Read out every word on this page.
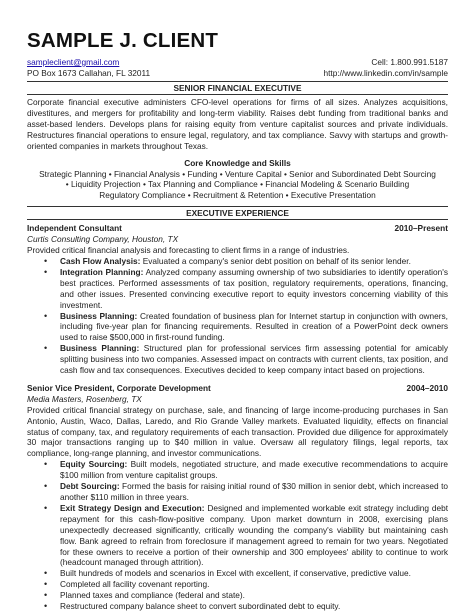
SAMPLE J. CLIENT
sampleclient@gmail.com
PO Box 1673 Callahan, FL 32011
Cell: 1.800.991.5187
http://www.linkedin.com/in/sample
SENIOR FINANCIAL EXECUTIVE

Corporate financial executive administers CFO-level operations for firms of all sizes. Analyzes acquisitions, divestitures, and mergers for profitability and long-term viability. Raises debt funding from traditional banks and asset-based lenders. Develops plans for raising equity from venture capitalist sources and private individuals. Restructures financial operations to ensure legal, regulatory, and tax compliance. Savvy with startups and growth-oriented companies in markets throughout Texas.

Core Knowledge and Skills
Strategic Planning • Financial Analysis • Funding • Venture Capital • Senior and Subordinated Debt Sourcing
• Liquidity Projection • Tax Planning and Compliance • Financial Modeling & Scenario Building
Regulatory Compliance • Recruitment & Retention • Executive Presentation
EXECUTIVE EXPERIENCE
Independent Consultant	2010–Present
Curtis Consulting Company, Houston, TX

Provided critical financial analysis and forecasting to client firms in a range of industries.

• Cash Flow Analysis: Evaluated a company's senior debt position on behalf of its senior lender.
• Integration Planning: Analyzed company assuming ownership of two subsidiaries to identify operation's best practices. Performed assessments of tax position, regulatory requirements, operations, financing, and other issues. Presented convincing executive report to equity investors concerning viability of this investment.
• Business Planning: Created foundation of business plan for Internet startup in conjunction with owners, including five-year plan for financing requirements. Resulted in creation of a PowerPoint deck owners used to raise $500,000 in first-round funding.
• Business Planning: Structured plan for professional services firm assessing potential for amicably splitting business into two companies. Assessed impact on contracts with current clients, tax position, and cash flow and tax consequences. Executives decided to keep company intact based on projections.
Senior Vice President, Corporate Development	2004–2010
Media Masters, Rosenberg, TX

Provided critical financial strategy on purchase, sale, and financing of large income-producing purchases in San Antonio, Austin, Waco, Dallas, Laredo, and Rio Grande Valley markets. Evaluated liquidity, effects on financial status of company, tax, and regulatory requirements of each transaction. Provided due diligence for approximately 30 major transactions ranging up to $40 million in value. Oversaw all regulatory filings, legal reports, tax compliance, long-range planning, and investor communications.

• Equity Sourcing: Built models, negotiated structure, and made executive recommendations to acquire $100 million from venture capitalist groups.
• Debt Sourcing: Formed the basis for raising initial round of $30 million in senior debt, which increased to another $110 million in three years.
• Exit Strategy Design and Execution: Designed and implemented workable exit strategy including debt repayment for this cash-flow-positive company. Upon market downturn in 2008, exercising plans unexpectedly decreased significantly, critically wounding the company's viability but maintaining cash flow. Bank agreed to refrain from foreclosure if management agreed to remain for two years. Negotiated for these owners to receive a portion of their ownership and 300 employees' ability to continue to work (headcount managed through attrition).
• Built hundreds of models and scenarios in Excel with excellent, if conservative, predictive value.
• Completed all facility covenant reporting.
• Planned taxes and compliance (federal and state).
• Restructured company balance sheet to convert subordinated debt to equity.
